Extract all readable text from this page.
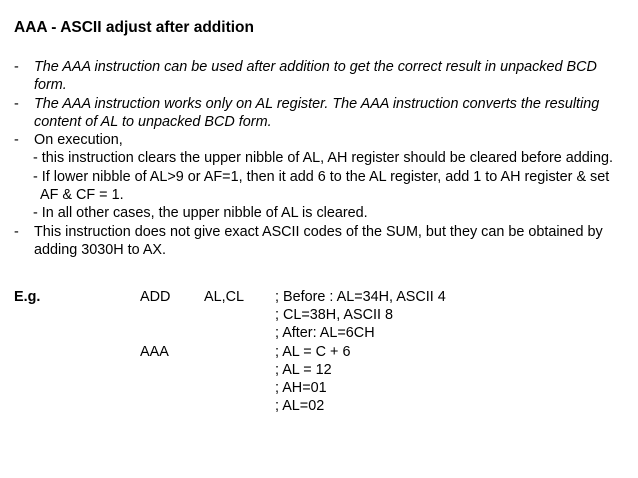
AAA - ASCII adjust after addition
- The AAA instruction can be used after addition to get the correct result in unpacked BCD form.
- The AAA instruction works only on AL register. The AAA instruction converts the resulting content of AL to unpacked BCD form.
- On execution,
- this instruction clears the upper nibble of AL, AH register should be cleared before adding.
- If lower nibble of AL>9 or AF=1, then it add 6 to the AL register, add 1 to AH register & set AF & CF = 1.
- In all other cases, the upper nibble of AL is cleared.
- This instruction does not give exact ASCII codes of the SUM, but they can be obtained by adding 3030H to AX.
E.g.	ADD AL,CL ; Before : AL=34H, ASCII 4
; CL=38H, ASCII 8
; After: AL=6CH
AAA	; AL = C + 6
; AL = 12
; AH=01
; AL=02
